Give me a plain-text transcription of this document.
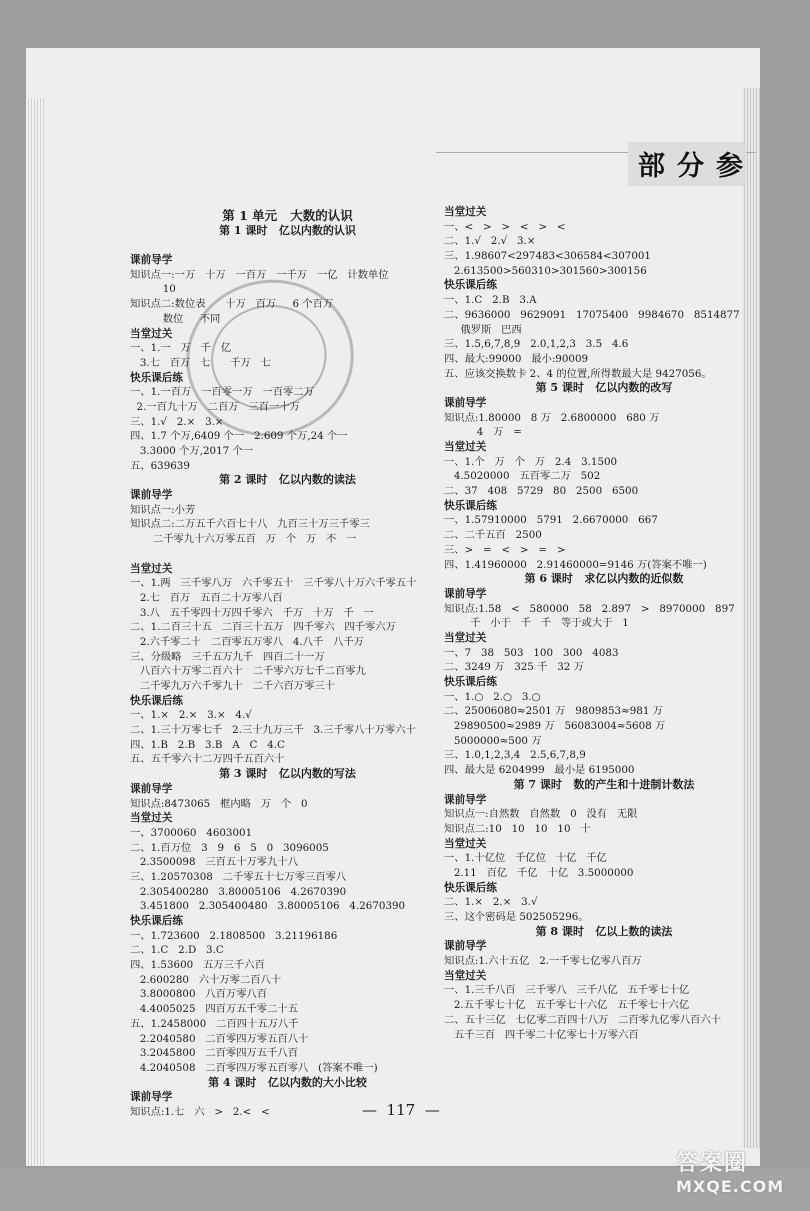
部分参
第 1 单元   大数的认识
第 1 课时   亿以内数的认识
课前导学
知识点一:一万   十万   一百万   一千万   一亿   计数单位
10
知识点二:数位表      十万   百万     6 个百万
数位     不同
当堂过关
一、1.一   万   千   亿
3.七   百万   七      千万   七
快乐课后练
一、1.一百万   一百零一万   一百零二万
2.一百九十万   二百万   三百一十万
三、1.√   2.×   3.×
四、1.7 个万,6409 个一   2.609 个万,24 个一
3.3000 个万,2017 个一
五、639639
第 2 课时   亿以内数的读法
课前导学
知识点一:小芳
知识点二:二万五千六百七十八   九百三十万三千零三
二千零九十六万零五百   万   个   万   不   一
当堂过关
一、1.两   三千零八万   六千零五十   三千零八十万六千零五十
2.七   百万   五百二十万零八百
3.八   五千零四十万四千零六   千万   十万   千   一
二、1.二百三十五   二百三十五万   四千零六   四千零六万
2.六千零二十   二百零五万零八   4.八千   八千万
三、分级略   三千五万九千   四百二十一万
八百六十万零二百六十   二千零六万七千二百零九
二千零九万六千零九十   二千六百万零三十
快乐课后练
一、1.×   2.×   3.×   4.√
二、1.三十万零七千   2.三十九万三千   3.三千零八十万零六十
四、1.B   2.B   3.B   A   C   4.C
五、五千零六十二万四千五百六十
第 3 课时   亿以内数的写法
课前导学
知识点:8473065   框内略   万   个   0
当堂过关
一、3700060   4603001
二、1.百万位   3   9   6   5   0   3096005
2.3500098   三百五十万零九十八
三、1.20570308   二千零五十七万零三百零八
2.305400280   3.80005106   4.2670390
3.451800   2.305400480   3.80005106   4.2670390
快乐课后练
一、1.723600   2.1808500   3.21196186
二、1.C   2.D   3.C
四、1.53600   五万三千六百
2.600280   六十万零二百八十
3.8000800   八百万零八百
4.4005025   四百万五千零二十五
五、1.2458000   二百四十五万八千
2.2040580   二百零四万零五百八十
3.2045800   二百零四万五千八百
4.2040508   二百零四万零五百零八   (答案不唯一)
第 4 课时   亿以内数的大小比较
课前导学
知识点:1.七   六   >   2.<   <
当堂过关
一、<   >   >   <   >   <
二、1.√   2.√   3.×
三、1.98607<297483<306584<307001
2.613500>560310>301560>300156
快乐课后练
一、1.C   2.B   3.A
二、9636000   9629091   17075400   9984670   8514877
俄罗斯   巴西
三、1.5,6,7,8,9   2.0,1,2,3   3.5   4.6
四、最大:99000   最小:90009
五、应该交换数卡 2、4 的位置,所得数最大是 9427056。
第 5 课时   亿以内数的改写
课前导学
知识点:1.80000   8 万   2.6800000   680 万
4   万   =
当堂过关
一、1.个   万   个   万   2.4   3.1500
4.5020000   五百零二万   502
二、37   408   5729   80   2500   6500
快乐课后练
一、1.57910000   5791   2.6670000   667
二、二千五百   2500
三、>   =   <   >   =   >
四、1.41960000   2.91460000=9146 万(答案不唯一)
第 6 课时   求亿以内数的近似数
课前导学
知识点:1.58   <   580000   58   2.897   >   8970000   897
千   小于   千   千   等于或大于   1
当堂过关
一、7   38   503   100   300   4083
二、3249 万   325 千   32 万
快乐课后练
一、1.○   2.○   3.○
二、25006080≈2501 万   9809853≈981 万
29890500≈2989 万   56083004≈5608 万
5000000≈500 万
三、1.0,1,2,3,4   2.5,6,7,8,9
四、最大是 6204999   最小是 6195000
第 7 课时   数的产生和十进制计数法
课前导学
知识点一:自然数   自然数   0   没有   无限
知识点二:10   10   10   10   十
当堂过关
一、1.十亿位   千亿位   十亿   千亿
2.11   百亿   千亿   十亿   3.5000000
快乐课后练
二、1.×   2.×   3.√
三、这个密码是 502505296。
第 8 课时   亿以上数的读法
课前导学
知识点:1.六十五亿   2.一千零七亿零八百万
当堂过关
一、1.三千八百   三千零八   三千八亿   五千零七十亿
2.五千零七十亿   五千零七十六亿   五千零七十六亿
二、五十三亿   七亿零二百四十八万   二百零九亿零八百六十
五千三百   四千零二十亿零七十万零六百
—  117  —
答案圈
MXQE.COM
